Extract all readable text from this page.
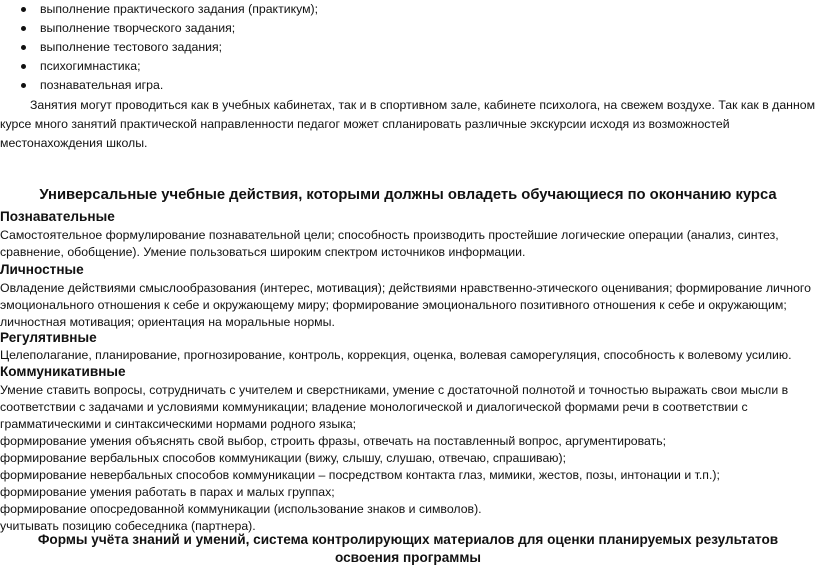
выполнение практического задания (практикум);
выполнение творческого задания;
выполнение тестового задания;
психогимнастика;
познавательная игра.
Занятия могут проводиться как в учебных кабинетах, так и в спортивном зале, кабинете психолога, на свежем воздухе. Так как в данном
курсе много занятий практической направленности педагог может спланировать различные экскурсии исходя из возможностей
местонахождения школы.
Универсальные учебные действия, которыми должны овладеть обучающиеся по окончанию курса
Познавательные
Самостоятельное формулирование познавательной цели; способность производить простейшие логические операции (анализ, синтез,
сравнение, обобщение). Умение пользоваться широким спектром источников информации.
Личностные
Овладение действиями смыслообразования (интерес, мотивация); действиями нравственно-этического оценивания; формирование личного
эмоционального отношения к себе и окружающему миру; формирование эмоционального позитивного отношения к себе и окружающим;
личностная мотивация; ориентация на моральные нормы.
Регулятивные
Целеполагание, планирование, прогнозирование, контроль, коррекция, оценка, волевая саморегуляция, способность к волевому усилию.
Коммуникативные
Умение ставить вопросы, сотрудничать с учителем и сверстниками, умение с достаточной полнотой и точностью выражать свои мысли в
соответствии с задачами и условиями коммуникации; владение монологической и диалогической формами речи в соответствии с
грамматическими и синтаксическими нормами родного языка;
формирование умения объяснять свой выбор, строить фразы, отвечать на поставленный вопрос, аргументировать;
формирование вербальных способов коммуникации (вижу, слышу, слушаю, отвечаю, спрашиваю);
формирование невербальных способов коммуникации – посредством контакта глаз, мимики, жестов, позы, интонации и т.п.);
формирование умения работать в парах и малых группах;
формирование опосредованной коммуникации (использование знаков и символов).
учитывать позицию собеседника (партнера).
Формы учёта знаний и умений, система контролирующих материалов для оценки планируемых результатов
освоения программы
